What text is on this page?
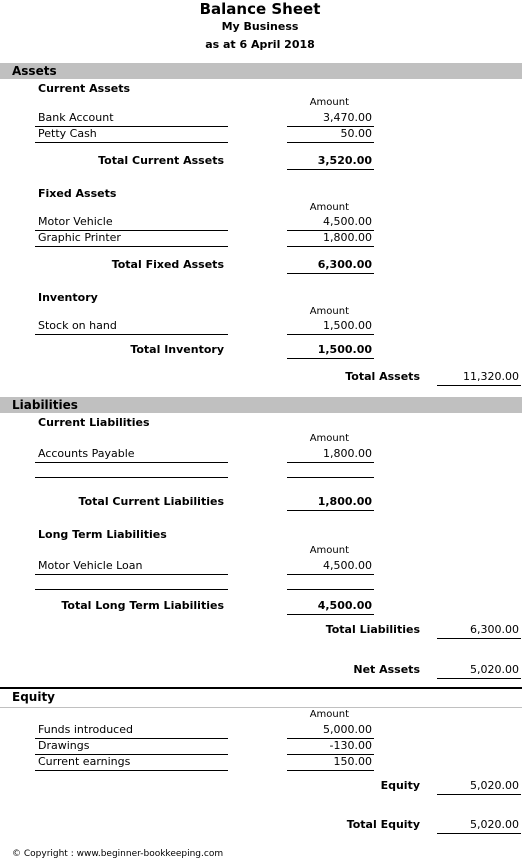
Balance Sheet
My Business
as at 6 April 2018
Assets
Current Assets
Amount
Bank Account	3,470.00
Petty Cash	50.00
Total Current Assets	3,520.00
Fixed Assets
Amount
Motor Vehicle	4,500.00
Graphic Printer	1,800.00
Total Fixed Assets	6,300.00
Inventory
Amount
Stock on hand	1,500.00
Total Inventory	1,500.00
Total Assets	11,320.00
Liabilities
Current Liabilities
Amount
Accounts Payable	1,800.00
Total Current Liabilities	1,800.00
Long Term Liabilities
Amount
Motor Vehicle Loan	4,500.00
Total Long Term Liabilities	4,500.00
Total Liabilities	6,300.00
Net Assets	5,020.00
Equity
Amount
Funds introduced	5,000.00
Drawings	-130.00
Current earnings	150.00
Equity	5,020.00
Total Equity	5,020.00
© Copyright : www.beginner-bookkeeping.com
